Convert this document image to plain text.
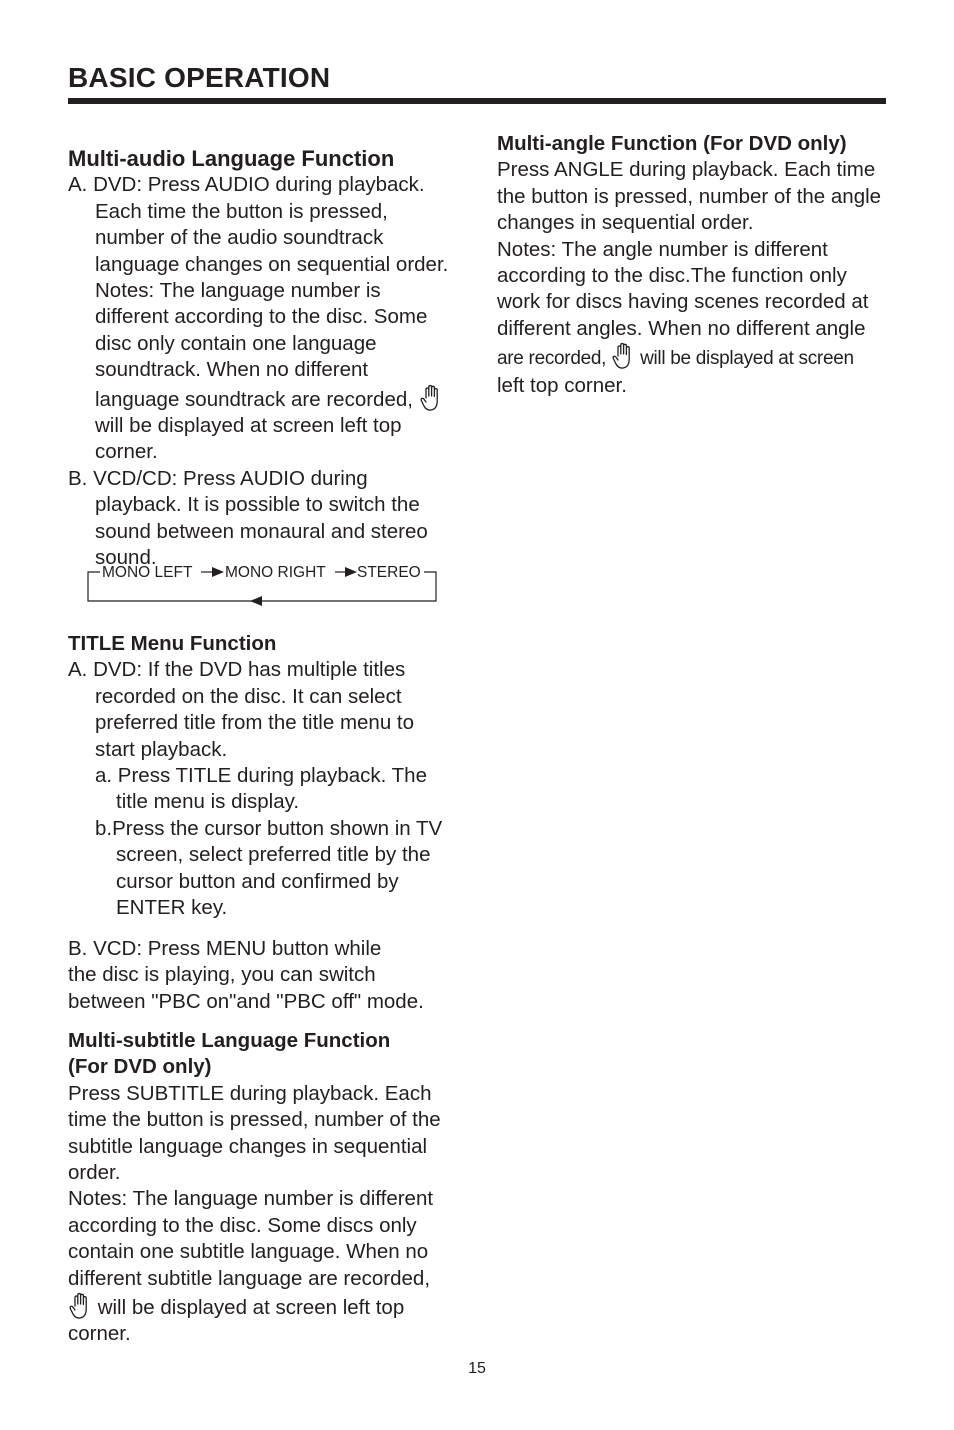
BASIC OPERATION
Multi-audio Language Function
A. DVD: Press AUDIO during playback.
Each time the button is pressed,
number of the audio soundtrack
language changes on sequential order.
Notes: The language number is
different according to the disc. Some
disc only contain one language
soundtrack. When no different
language soundtrack are recorded,
will be displayed at screen left top
corner.
B. VCD/CD: Press AUDIO during
playback. It is possible to switch the
sound between monaural and stereo
sound.
MONO LEFT MONO RIGHT STEREO
TITLE Menu Function
A. DVD: If the DVD has multiple titles
recorded on the disc. It can select
preferred title from the title menu to
start playback.
a. Press TITLE during playback. The
title menu is display.
b.Press the cursor button shown in TV
screen, select preferred title by the
cursor button and confirmed by
ENTER key.
B. VCD: Press MENU button while
the disc is playing, you can switch
between "PBC on"and "PBC off" mode.
Multi-subtitle Language Function
(For DVD only)
Press SUBTITLE during playback. Each
time the button is pressed, number of the
subtitle language changes in sequential
order.
Notes: The language number is different
according to the disc. Some discs only
contain one subtitle language. When no
different subtitle language are recorded,
will be displayed at screen left top
corner.
Multi-angle Function (For DVD only)
Press ANGLE during playback. Each time
the button is pressed, number of the angle
changes in sequential order.
Notes: The angle number is different
according to the disc.The function only
work for discs having scenes recorded at
different angles. When no different angle
are recorded, will be displayed at screen
left top corner.
15
